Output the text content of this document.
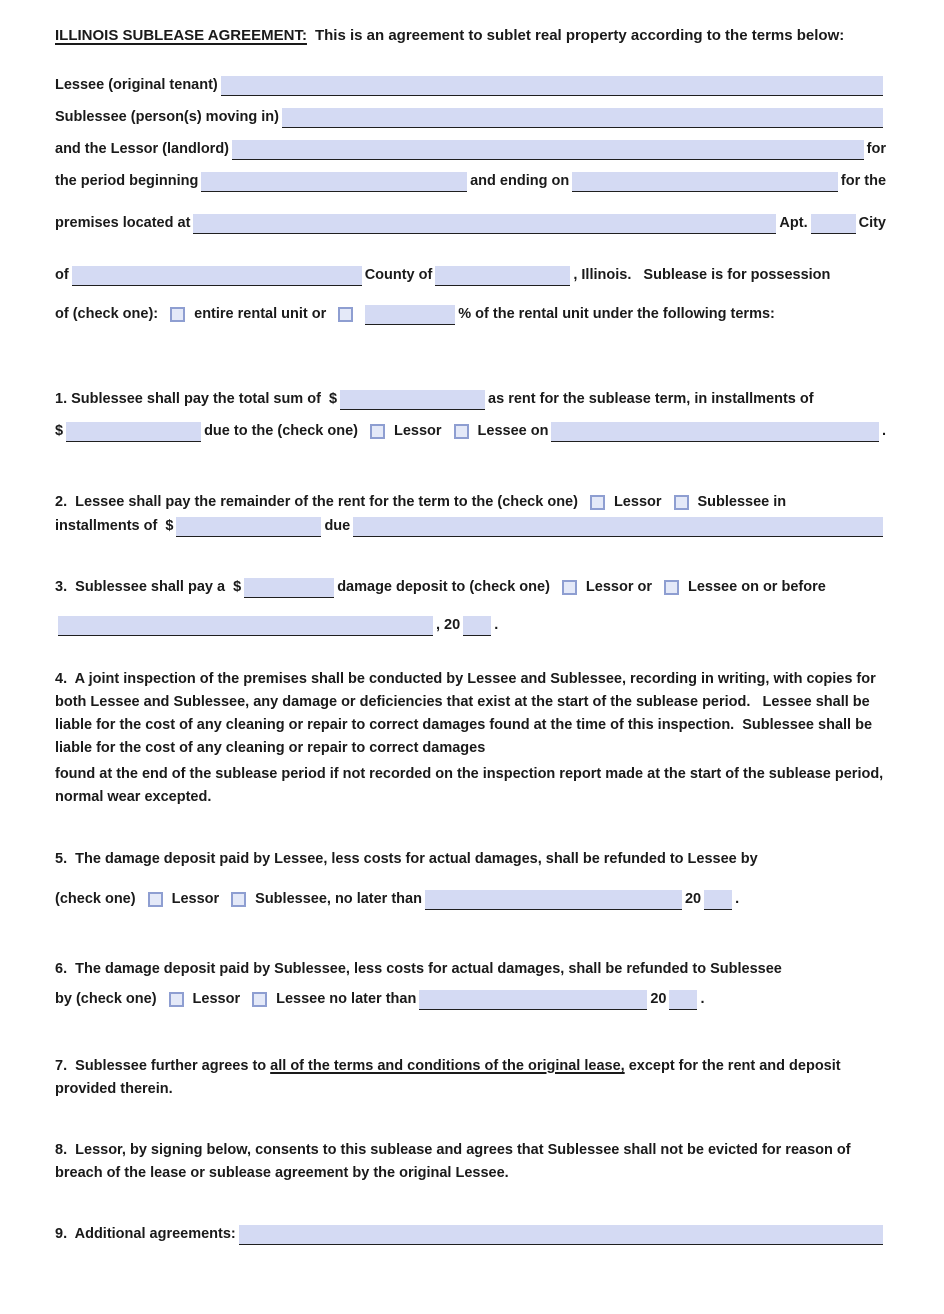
ILLINOIS SUBLEASE AGREEMENT: This is an agreement to sublet real property according to the terms below:

Lessee (original tenant)
Sublessee (person(s) moving in)
and the Lessor (landlord)	for
the period beginning	and ending on	for the
premises located at	Apt.	City
of	County of	, Illinois.   Sublease is for possession
of (check one): entire rental unit or	% of the rental unit under the following terms:
1. Sublessee shall pay the total sum of  $	as rent for the sublease term, in installments of
$	due to the (check one) Lessor Lessee on	.
2.  Lessee shall pay the remainder of the rent for the term to the (check one) Lessor Sublessee in
installments of  $	due
3.  Sublessee shall pay a  $	damage deposit to (check one) Lessor or Lessee on or before
, 20 .

4.  A joint inspection of the premises shall be conducted by Lessee and Sublessee, recording in writing, with copies for both Lessee and Sublessee, any damage or deficiencies that exist at the start of the sublease period.   Lessee shall be liable for the cost of any cleaning or repair to correct damages found at the time of this inspection.  Sublessee shall be liable for the cost of any cleaning or repair to correct damages

found at the end of the sublease period if not recorded on the inspection report made at the start of the sublease period, normal wear excepted.

5.  The damage deposit paid by Lessee, less costs for actual damages, shall be refunded to Lessee by
(check one) Lessor Sublessee, no later than	20 .
6.  The damage deposit paid by Sublessee, less costs for actual damages, shall be refunded to Sublessee
by (check one) Lessor Lessee no later than	20 .

7.  Sublessee further agrees to all of the terms and conditions of the original lease, except for the rent and deposit provided therein.

8.  Lessor, by signing below, consents to this sublease and agrees that Sublessee shall not be evicted for reason of breach of the lease or sublease agreement by the original Lessee.

9.  Additional agreements:
